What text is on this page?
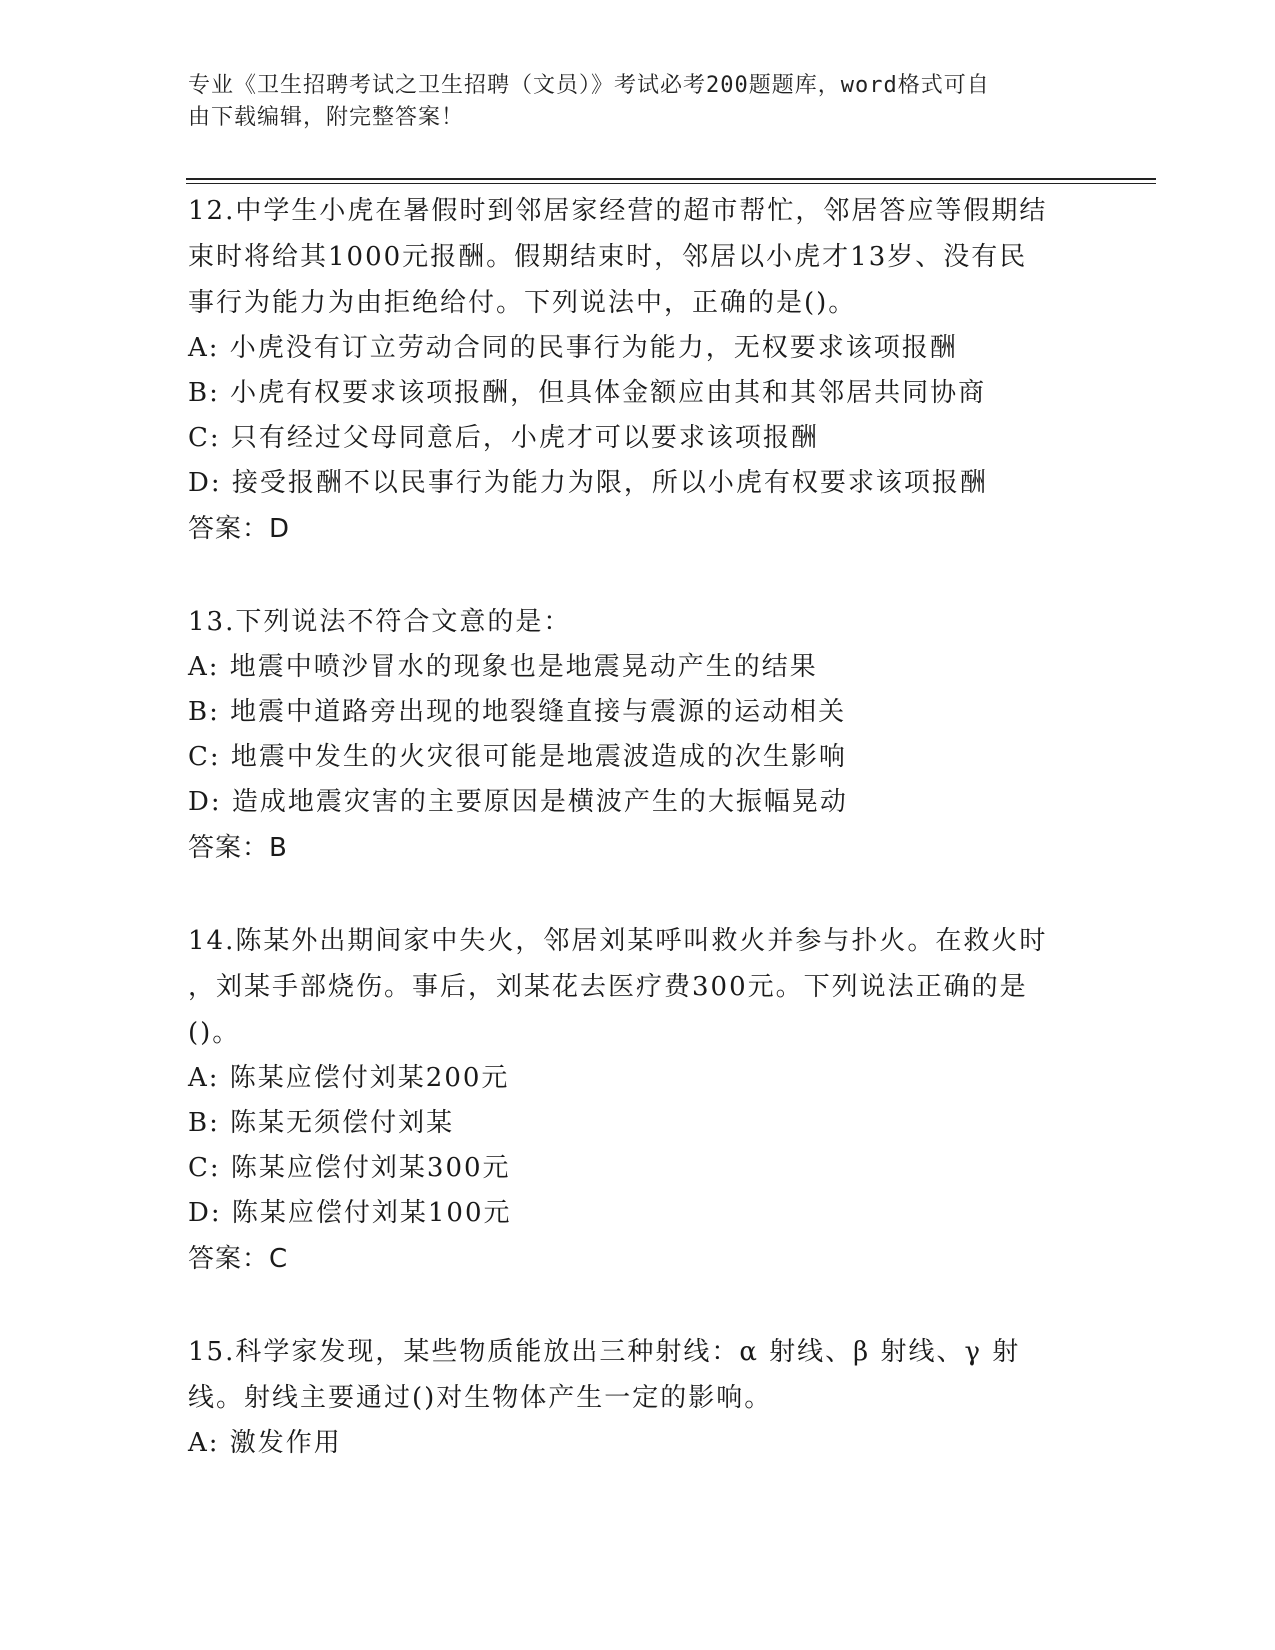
专业《卫生招聘考试之卫生招聘（文员）》考试必考200题题库，word格式可自
由下载编辑，附完整答案！
12.中学生小虎在暑假时到邻居家经营的超市帮忙，邻居答应等假期结
束时将给其1000元报酬。假期结束时，邻居以小虎才13岁、没有民
事行为能力为由拒绝给付。下列说法中，正确的是()。
A: 小虎没有订立劳动合同的民事行为能力，无权要求该项报酬
B: 小虎有权要求该项报酬，但具体金额应由其和其邻居共同协商
C: 只有经过父母同意后，小虎才可以要求该项报酬
D: 接受报酬不以民事行为能力为限，所以小虎有权要求该项报酬
答案：D
13.下列说法不符合文意的是：
A: 地震中喷沙冒水的现象也是地震晃动产生的结果
B: 地震中道路旁出现的地裂缝直接与震源的运动相关
C: 地震中发生的火灾很可能是地震波造成的次生影响
D: 造成地震灾害的主要原因是横波产生的大振幅晃动
答案：B
14.陈某外出期间家中失火，邻居刘某呼叫救火并参与扑火。在救火时
，刘某手部烧伤。事后，刘某花去医疗费300元。下列说法正确的是
()。
A: 陈某应偿付刘某200元
B: 陈某无须偿付刘某
C: 陈某应偿付刘某300元
D: 陈某应偿付刘某100元
答案：C
15.科学家发现，某些物质能放出三种射线：α 射线、β 射线、γ 射
线。射线主要通过()对生物体产生一定的影响。
A: 激发作用
